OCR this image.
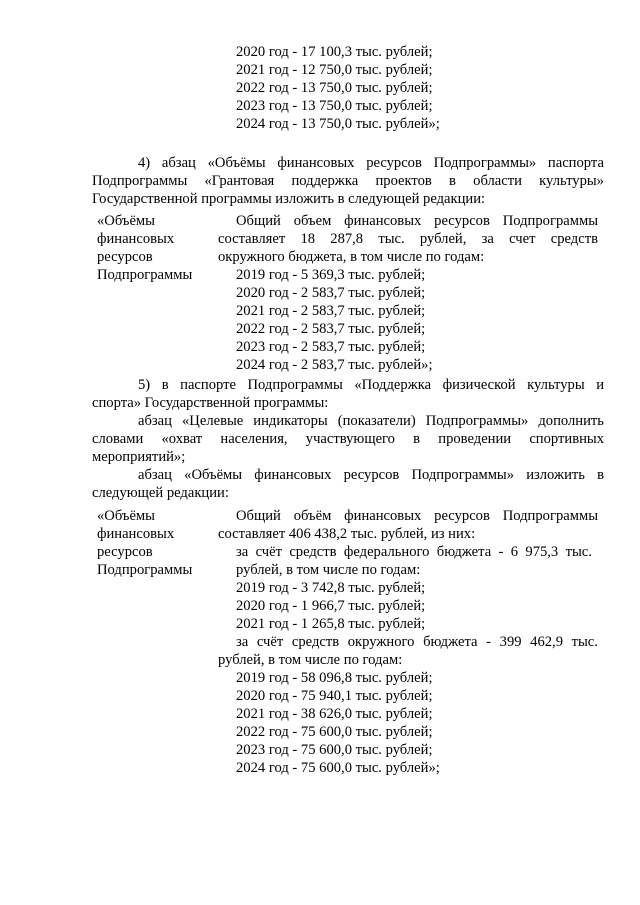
2020 год - 17 100,3 тыс. рублей;
2021 год - 12 750,0 тыс. рублей;
2022 год - 13 750,0 тыс. рублей;
2023 год - 13 750,0 тыс. рублей;
2024 год - 13 750,0 тыс. рублей»;
4) абзац «Объёмы финансовых ресурсов Подпрограммы» паспорта
Подпрограммы «Грантовая поддержка проектов в области культуры»
Государственной программы изложить в следующей редакции:
«Объёмы
финансовых
ресурсов
Подпрограммы
Общий объем финансовых ресурсов Подпрограммы
составляет 18 287,8 тыс. рублей, за счет средств
окружного бюджета, в том числе по годам:
2019 год - 5 369,3 тыс. рублей;
2020 год - 2 583,7 тыс. рублей;
2021 год - 2 583,7 тыс. рублей;
2022 год - 2 583,7 тыс. рублей;
2023 год - 2 583,7 тыс. рублей;
2024 год - 2 583,7 тыс. рублей»;
5) в паспорте Подпрограммы «Поддержка физической культуры и
спорта» Государственной программы:
абзац «Целевые индикаторы (показатели) Подпрограммы» дополнить
словами «охват населения, участвующего в проведении спортивных
мероприятий»;
абзац «Объёмы финансовых ресурсов Подпрограммы» изложить в
следующей редакции:
«Объёмы
финансовых
ресурсов
Подпрограммы
Общий объём финансовых ресурсов Подпрограммы
составляет 406 438,2 тыс. рублей, из них:
за счёт средств федерального бюджета - 6 975,3 тыс.
рублей, в том числе по годам:
2019 год - 3 742,8 тыс. рублей;
2020 год - 1 966,7 тыс. рублей;
2021 год - 1 265,8 тыс. рублей;
за счёт средств окружного бюджета - 399 462,9 тыс.
рублей, в том числе по годам:
2019 год - 58 096,8 тыс. рублей;
2020 год - 75 940,1 тыс. рублей;
2021 год - 38 626,0 тыс. рублей;
2022 год - 75 600,0 тыс. рублей;
2023 год - 75 600,0 тыс. рублей;
2024 год - 75 600,0 тыс. рублей»;
